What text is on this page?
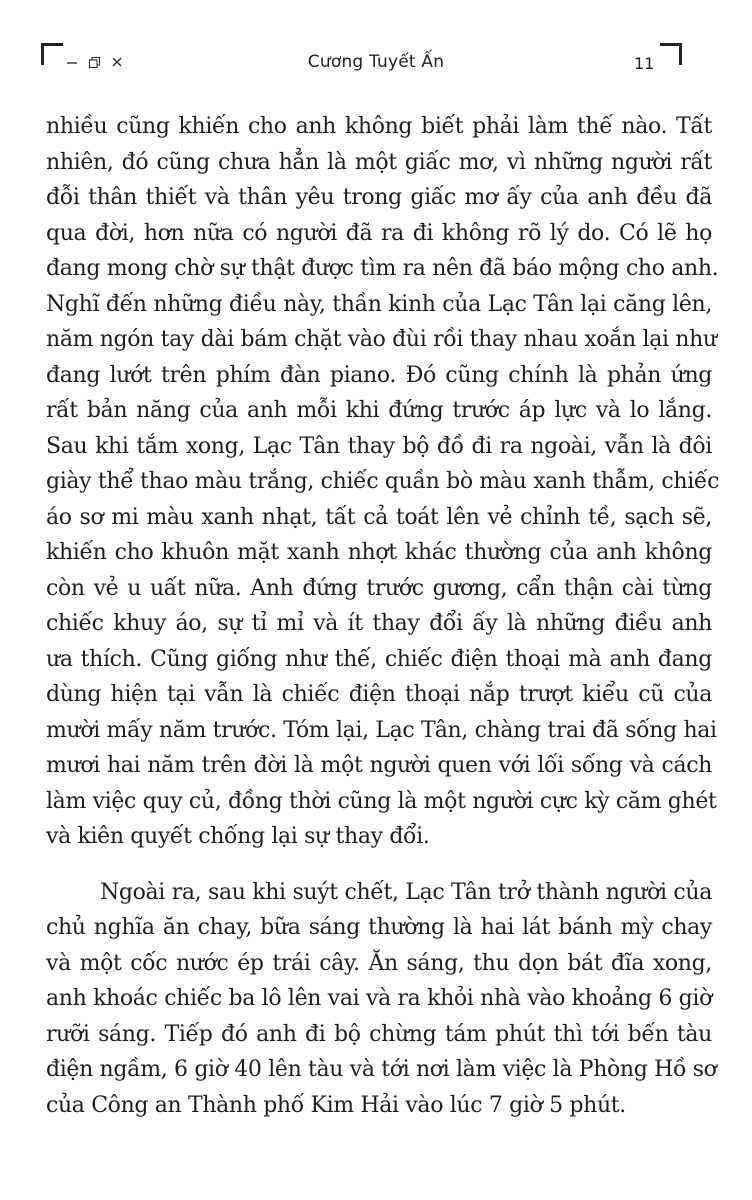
Cương Tuyết Ấn	11
nhiều cũng khiến cho anh không biết phải làm thế nào. Tất
nhiên, đó cũng chưa hẳn là một giấc mơ, vì những người rất
đỗi thân thiết và thân yêu trong giấc mơ ấy của anh đều đã
qua đời, hơn nữa có người đã ra đi không rõ lý do. Có lẽ họ
đang mong chờ sự thật được tìm ra nên đã báo mộng cho anh.
Nghĩ đến những điều này, thần kinh của Lạc Tân lại căng lên,
năm ngón tay dài bám chặt vào đùi rồi thay nhau xoắn lại như
đang lướt trên phím đàn piano. Đó cũng chính là phản ứng
rất bản năng của anh mỗi khi đứng trước áp lực và lo lắng.
Sau khi tắm xong, Lạc Tân thay bộ đồ đi ra ngoài, vẫn là đôi
giày thể thao màu trắng, chiếc quần bò màu xanh thẫm, chiếc
áo sơ mi màu xanh nhạt, tất cả toát lên vẻ chỉnh tề, sạch sẽ,
khiến cho khuôn mặt xanh nhợt khác thường của anh không
còn vẻ u uất nữa. Anh đứng trước gương, cẩn thận cài từng
chiếc khuy áo, sự tỉ mỉ và ít thay đổi ấy là những điều anh
ưa thích. Cũng giống như thế, chiếc điện thoại mà anh đang
dùng hiện tại vẫn là chiếc điện thoại nắp trượt kiểu cũ của
mười mấy năm trước. Tóm lại, Lạc Tân, chàng trai đã sống hai
mươi hai năm trên đời là một người quen với lối sống và cách
làm việc quy củ, đồng thời cũng là một người cực kỳ căm ghét
và kiên quyết chống lại sự thay đổi.
Ngoài ra, sau khi suýt chết, Lạc Tân trở thành người của
chủ nghĩa ăn chay, bữa sáng thường là hai lát bánh mỳ chay
và một cốc nước ép trái cây. Ăn sáng, thu dọn bát đĩa xong,
anh khoác chiếc ba lô lên vai và ra khỏi nhà vào khoảng 6 giờ
rưỡi sáng. Tiếp đó anh đi bộ chừng tám phút thì tới bến tàu
điện ngầm, 6 giờ 40 lên tàu và tới nơi làm việc là Phòng Hồ sơ
của Công an Thành phố Kim Hải vào lúc 7 giờ 5 phút.
